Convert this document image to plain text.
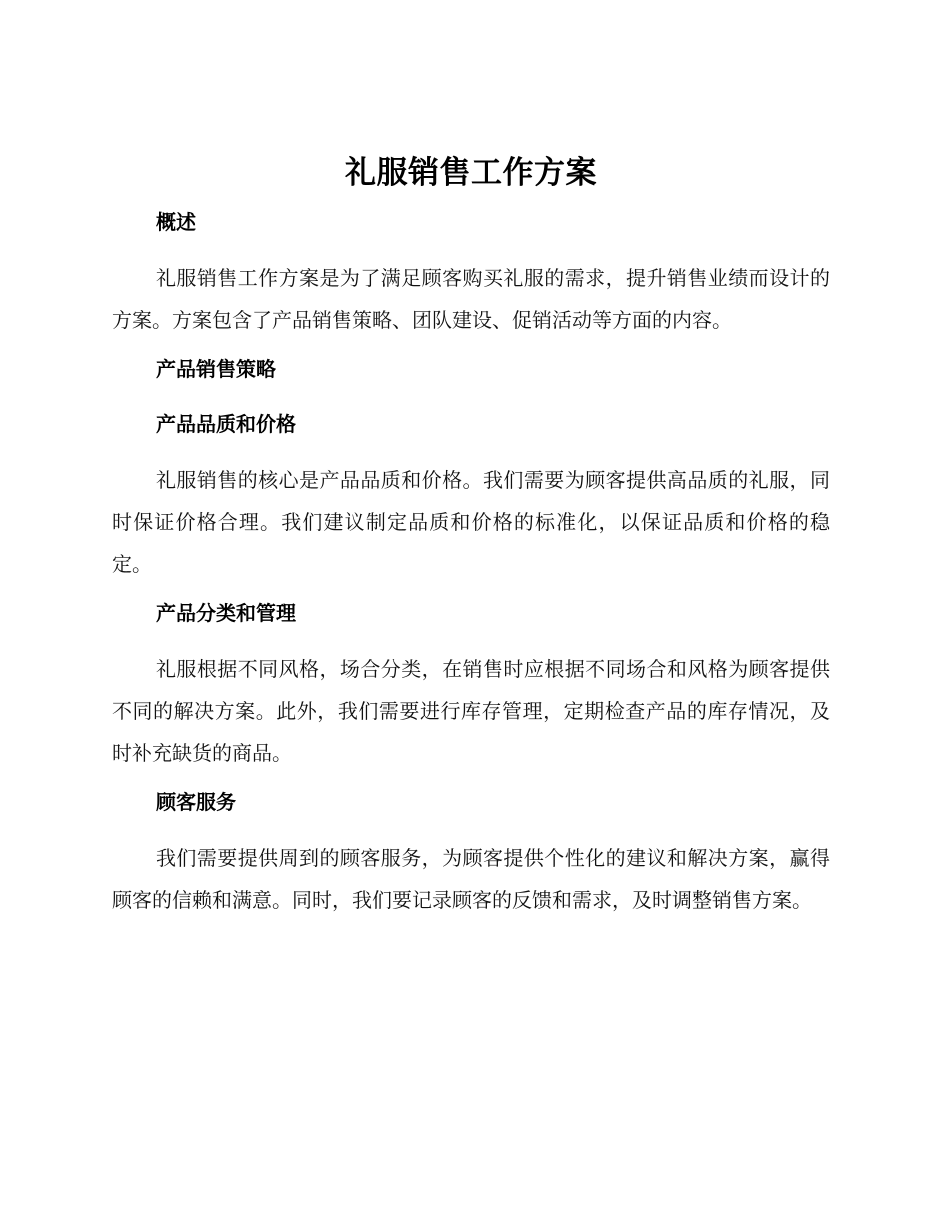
礼服销售工作方案
概述

礼服销售工作方案是为了满足顾客购买礼服的需求，提升销售业绩而设计的方案。方案包含了产品销售策略、团队建设、促销活动等方面的内容。

产品销售策略
产品品质和价格

礼服销售的核心是产品品质和价格。我们需要为顾客提供高品质的礼服，同时保证价格合理。我们建议制定品质和价格的标准化，以保证品质和价格的稳定。

产品分类和管理

礼服根据不同风格，场合分类，在销售时应根据不同场合和风格为顾客提供不同的解决方案。此外，我们需要进行库存管理，定期检查产品的库存情况，及时补充缺货的商品。

顾客服务

我们需要提供周到的顾客服务，为顾客提供个性化的建议和解决方案，赢得顾客的信赖和满意。同时，我们要记录顾客的反馈和需求，及时调整销售方案。
